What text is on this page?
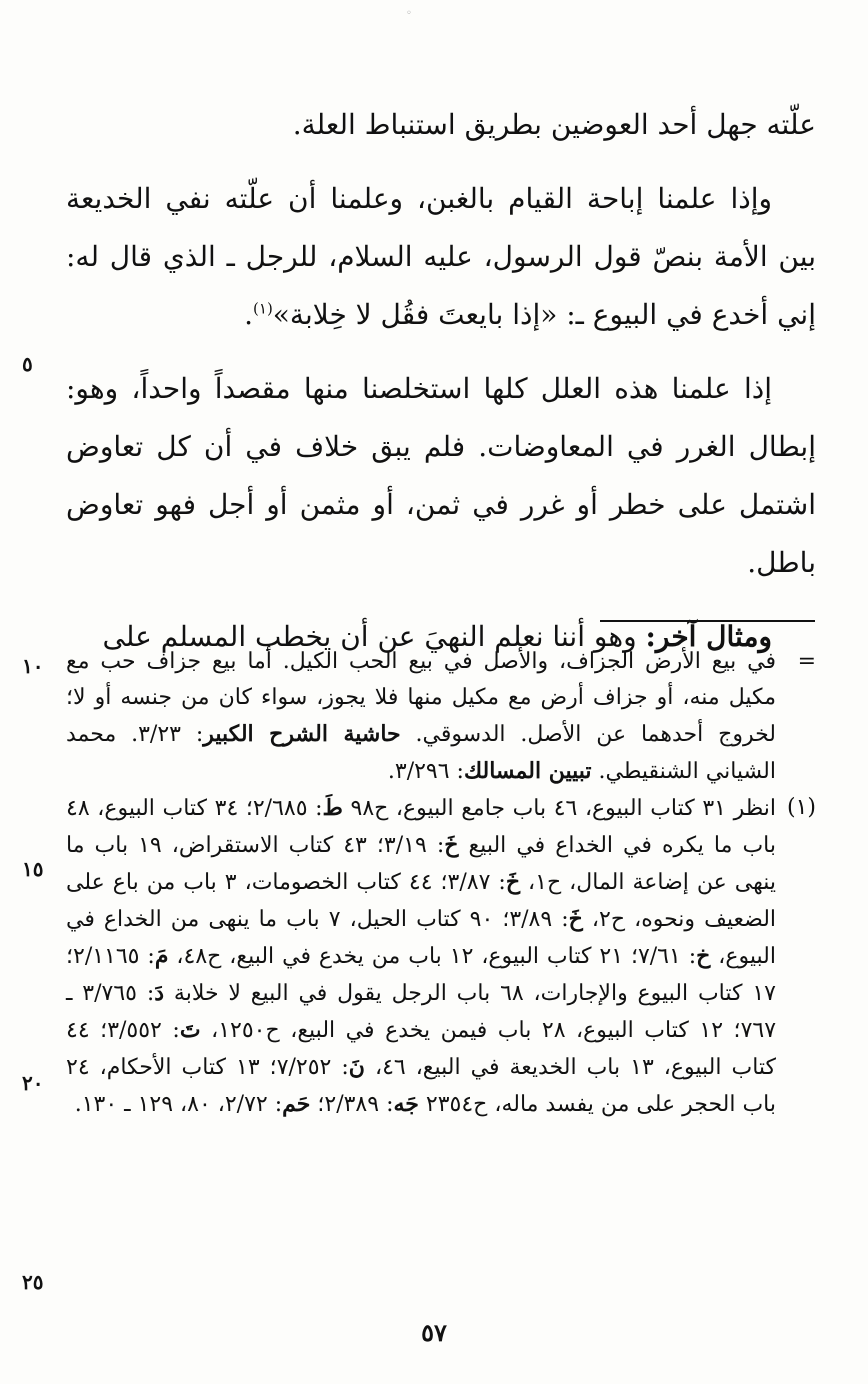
◦

علّته جهل أحد العوضين بطريق استنباط العلة.

وإذا علمنا إباحة القيام بالغبن، وعلمنا أن علّته نفي الخديعة بين الأمة بنصّ قول الرسول، عليه السلام، للرجل ـ الذي قال له: إني أخدع في البيوع ـ: «إذا بايعتَ فقُل لا خِلابة»$^{(١)}$.

إذا علمنا هذه العلل كلها استخلصنا منها مقصداً واحداً، وهو: إبطال الغرر في المعاوضات. فلم يبق خلاف في أن كل تعاوض اشتمل على خطر أو غرر في ثمن، أو مثمن أو أجل فهو تعاوض باطل.

ومثال آخر: وهو أننا نعلم النهيَ عن أن يخطب المسلم على

٥
=
في بيع الأرض الجزاف، والأصل في بيع الحب الكيل. أما بيع جزاف حب مع مكيل منه، أو جزاف أرض مع مكيل منها فلا يجوز، سواء كان من جنسه أو لا؛ لخروج أحدهما عن الأصل. الدسوقي. حاشية الشرح الكبير: ٣/٢٣. محمد الشياني الشنقيطي. تبيين المسالك: ٣/٢٩٦.
(١)
انظر ٣١ كتاب البيوع، ٤٦ باب جامع البيوع، ح٩٨ طَ: ٢/٦٨٥؛ ٣٤ كتاب البيوع، ٤٨ باب ما يكره في الخداع في البيع خَ: ٣/١٩؛ ٤٣ كتاب الاستقراض، ١٩ باب ما ينهى عن إضاعة المال، ح١، خَ: ٣/٨٧؛ ٤٤ كتاب الخصومات، ٣ باب من باع على الضعيف ونحوه، ح٢، خَ: ٣/٨٩؛ ٩٠ كتاب الحيل، ٧ باب ما ينهى من الخداع في البيوع، خ: ٧/٦١؛ ٢١ كتاب البيوع، ١٢ باب من يخدع في البيع، ح٤٨، مَ: ٢/١١٦٥؛ ١٧ كتاب البيوع والإجارات، ٦٨ باب الرجل يقول في البيع لا خلابة دَ: ٣/٧٦٥ ـ ٧٦٧؛ ١٢ كتاب البيوع، ٢٨ باب فيمن يخدع في البيع، ح١٢٥٠، تَ: ٣/٥٥٢؛ ٤٤ كتاب البيوع، ١٣ باب الخديعة في البيع، ٤٦، نَ: ٧/٢٥٢؛ ١٣ كتاب الأحكام، ٢٤ باب الحجر على من يفسد ماله، ح٢٣٥٤ جَه: ٢/٣٨٩؛ حَم: ٢/٧٢، ٨٠، ١٢٩ ـ ١٣٠.
١٠
١٥
٢٠
٢٥
٥٧
